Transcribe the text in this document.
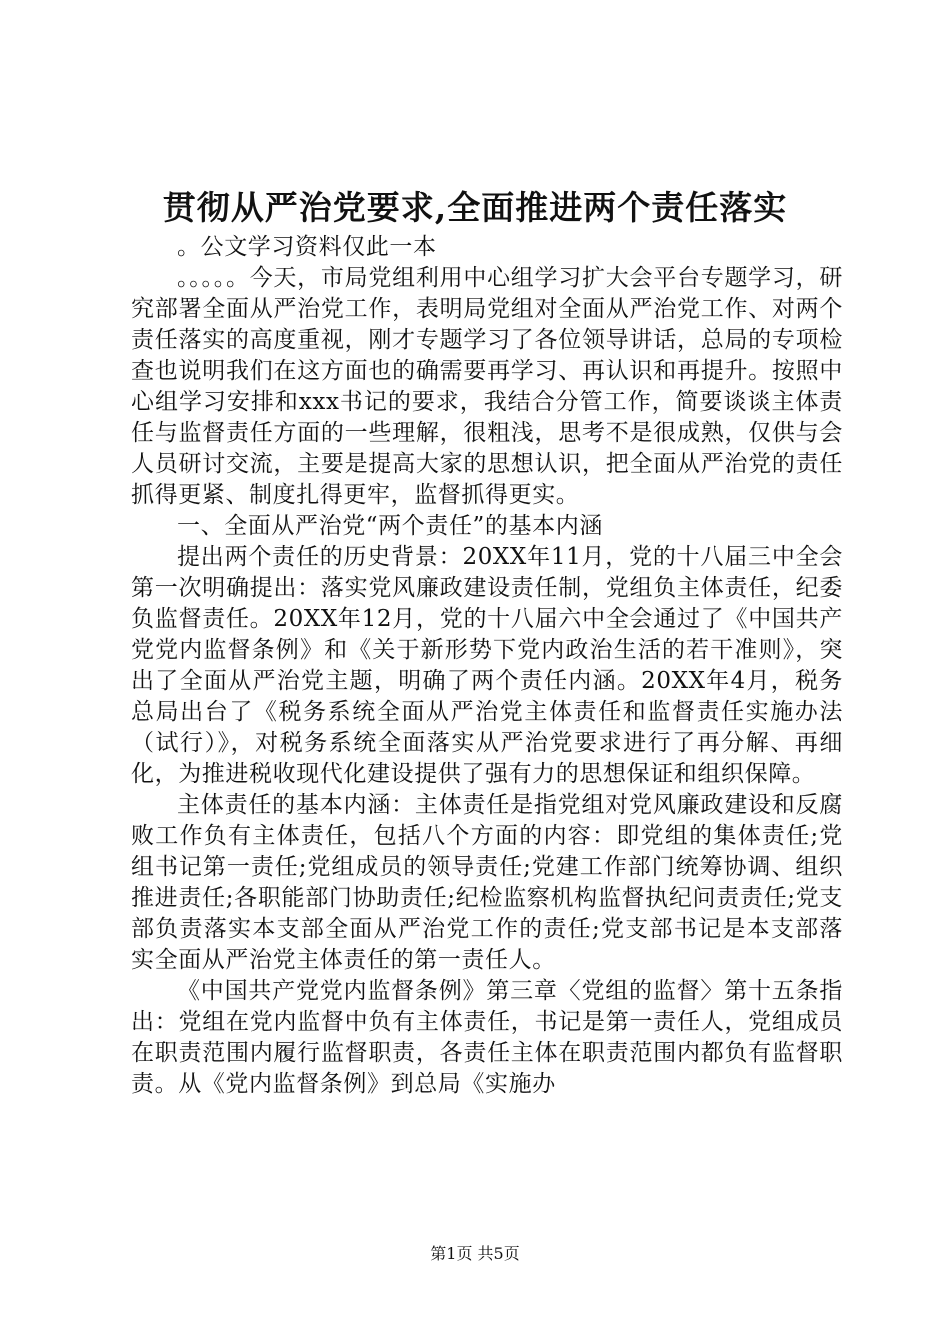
贯彻从严治党要求,全面推进两个责任落实

。公文学习资料仅此一本

。。。。。今天，市局党组利用中心组学习扩大会平台专题学习，研究部署全面从严治党工作，表明局党组对全面从严治党工作、对两个责任落实的高度重视，刚才专题学习了各位领导讲话，总局的专项检查也说明我们在这方面也的确需要再学习、再认识和再提升。按照中心组学习安排和xxx书记的要求，我结合分管工作，简要谈谈主体责任与监督责任方面的一些理解，很粗浅，思考不是很成熟，仅供与会人员研讨交流，主要是提高大家的思想认识，把全面从严治党的责任抓得更紧、制度扎得更牢，监督抓得更实。

一、全面从严治党“两个责任”的基本内涵

提出两个责任的历史背景：20XX年11月，党的十八届三中全会第一次明确提出：落实党风廉政建设责任制，党组负主体责任，纪委负监督责任。20XX年12月，党的十八届六中全会通过了《中国共产党党内监督条例》和《关于新形势下党内政治生活的若干准则》，突出了全面从严治党主题，明确了两个责任内涵。20XX年4月，税务总局出台了《税务系统全面从严治党主体责任和监督责任实施办法（试行）》，对税务系统全面落实从严治党要求进行了再分解、再细化，为推进税收现代化建设提供了强有力的思想保证和组织保障。

主体责任的基本内涵：主体责任是指党组对党风廉政建设和反腐败工作负有主体责任，包括八个方面的内容：即党组的集体责任;党组书记第一责任;党组成员的领导责任;党建工作部门统筹协调、组织推进责任;各职能部门协助责任;纪检监察机构监督执纪问责责任;党支部负责落实本支部全面从严治党工作的责任;党支部书记是本支部落实全面从严治党主体责任的第一责任人。

《中国共产党党内监督条例》第三章〈党组的监督〉第十五条指出：党组在党内监督中负有主体责任，书记是第一责任人，党组成员在职责范围内履行监督职责，各责任主体在职责范围内都负有监督职责。从《党内监督条例》到总局《实施办

第1页 共5页
